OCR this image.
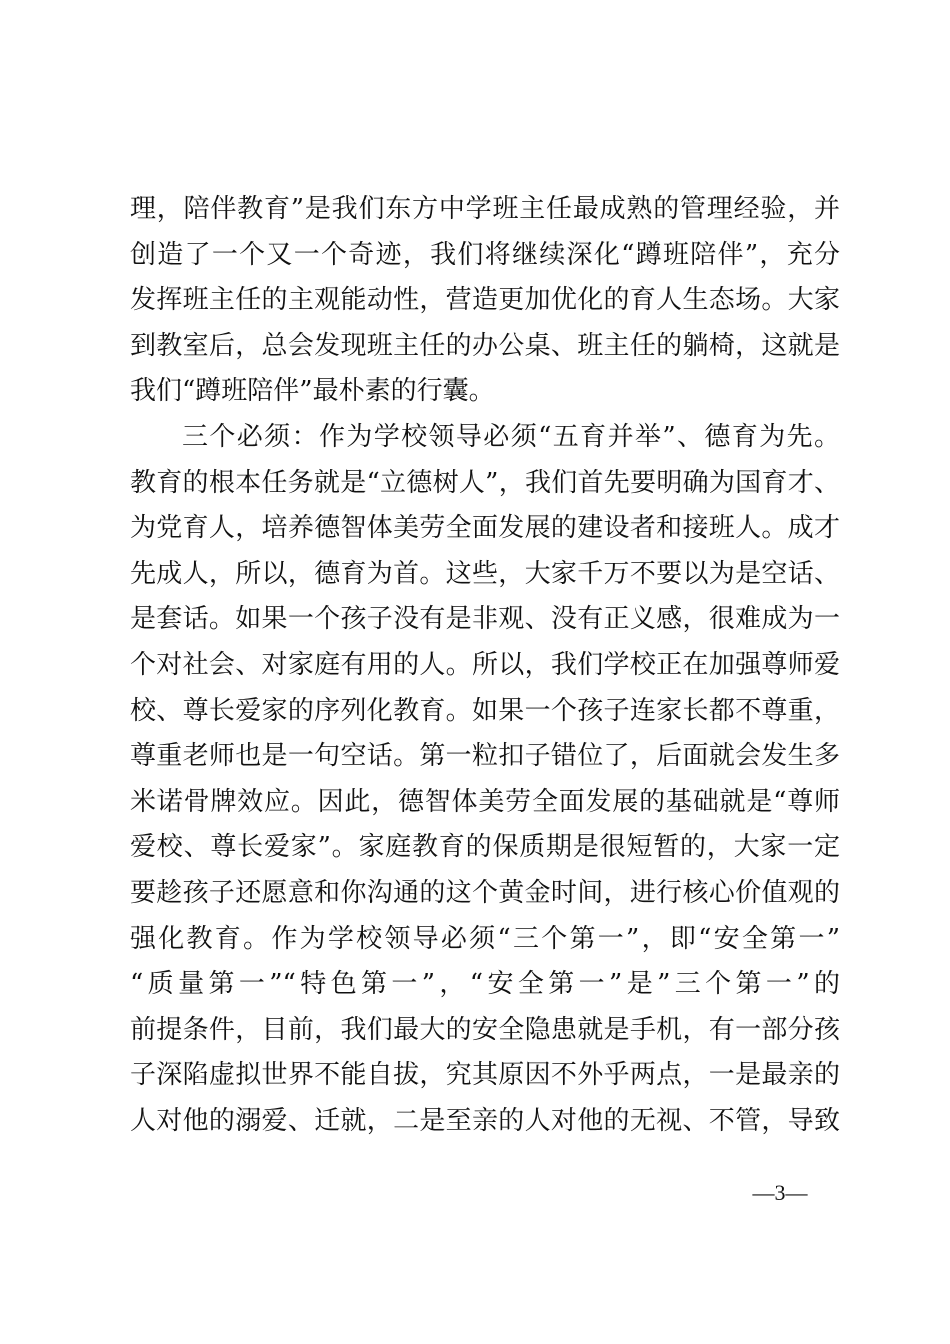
理，陪伴教育”是我们东方中学班主任最成熟的管理经验，并
创造了一个又一个奇迹，我们将继续深化“蹲班陪伴”，充分
发挥班主任的主观能动性，营造更加优化的育人生态场。大家
到教室后，总会发现班主任的办公桌、班主任的躺椅，这就是
我们“蹲班陪伴”最朴素的行囊。
三个必须：作为学校领导必须“五育并举”、德育为先。
教育的根本任务就是“立德树人”，我们首先要明确为国育才、
为党育人，培养德智体美劳全面发展的建设者和接班人。成才
先成人，所以，德育为首。这些，大家千万不要以为是空话、
是套话。如果一个孩子没有是非观、没有正义感，很难成为一
个对社会、对家庭有用的人。所以，我们学校正在加强尊师爱
校、尊长爱家的序列化教育。如果一个孩子连家长都不尊重，
尊重老师也是一句空话。第一粒扣子错位了，后面就会发生多
米诺骨牌效应。因此，德智体美劳全面发展的基础就是“尊师
爱校、尊长爱家”。家庭教育的保质期是很短暂的，大家一定
要趁孩子还愿意和你沟通的这个黄金时间，进行核心价值观的
强化教育。作为学校领导必须“三个第一”，即“安全第一”
“质量第一”“特色第一”，“安全第一”是”三个第一”的
前提条件，目前，我们最大的安全隐患就是手机，有一部分孩
子深陷虚拟世界不能自拔，究其原因不外乎两点，一是最亲的
人对他的溺爱、迁就，二是至亲的人对他的无视、不管，导致
—3—
